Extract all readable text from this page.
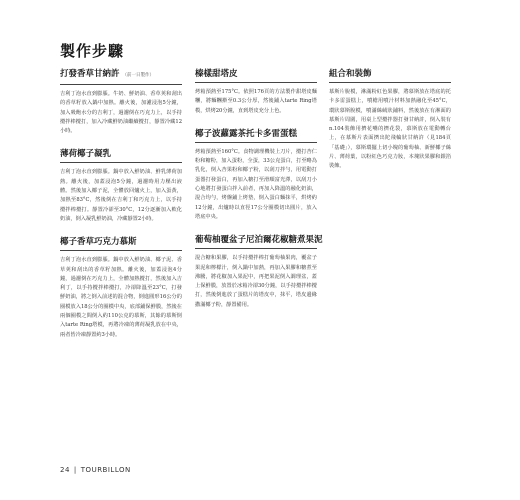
製作步驟
打發香草甘納許 （前一日製作）

吉利丁泡水直到膨脹。牛奶、鮮奶油、香草莢和刮出的香草籽放入鍋中加熱。離火後，加濾浸泡5分鐘，加入吸飽水分的吉利丁，過濾倒在巧克力上，以手持攪拌棒攪打，加入冷藏鮮奶油繼續攪打，靜置冷藏12小時。

薄荷椰子凝乳

吉利丁泡水直到膨脹。鍋中放入鮮奶油、鮮乳薄荷加熱。離火後，加蓋浸泡5分鐘，過濾時用力壓出液體。然後加入椰子泥，全體放回爐火上，加入蛋黃，加熱至83°C，然後倒在吉利丁和巧克力上，以手持攪拌棒攪打。靜置冷卻至30°C，12分逐漸加入軟化奶油，倒入凝乳鮮奶油，冷藏靜置2小時。

椰子香草巧克力慕斯

吉利丁泡水直到膨脹。鍋中放入鮮奶油、椰子泥、香草莢和刮出的香草籽加熱。離火後，加蓋浸泡4分鐘，過濾倒在巧克力上，全體加熱攪打，然後加入吉利丁，以手持攪拌棒攪打，冷卻降溫至23°C，打發鮮奶油，將之倒入前述的混合物，倒進圓形16公分的圈模放入18公分的圈模中央，底部鋪保鮮膜，然後在兩個圈模之間倒入約110公克的慕斯，其餘的慕斯倒入tarte Ring塔模，再將冷凍的薄荷凝乳放在中央，兩者皆冷凍靜置約3小時。

榛樣甜塔皮

烤箱預熱至175°C。依照176頁的方法製作甜塔皮麵糰，將麵糰擀至0.3公分厚，然後鋪入tarte Ring塔模，烘烤20分鐘，直到塔皮充分上色。

椰子波蘿露茶托卡多雷蛋糕

烤箱預熱至160°C。食物調理機裝上刀片，攪打杏仁粉和糖粉，加入蛋粉，全蛋，33公克蛋白，打至略為乳化，倒入杏果粉和椰子粉，以刮刀拌勻，用電動打蛋器打發蛋白，再加入糖打至滑順富光澤，以刮刀小心地將打發蛋白拌入前者，再加入降溫的融化奶油，混合均勻，烤盤鋪上烤墊，倒入蛋白麵抹平，烘烤約12分鐘，出爐時以直徑17公分圈模切出圓片，放入塔底中央。

葡萄柚覆盆子尼泊爾花椒糖煮果泥

混合糖和果膠，以手持攪拌棒打葡萄柚果肉，覆盆子果泥和檸檬汁，倒入鍋中加熱，再加入果膠和糖煮至沸騰，將花椒加入果泥中，再把果泥倒入調理盆，蓋上保鮮膜，放置於冰箱冷卻30分鐘，以手持攪拌棒攪打，然後倒進放了蛋糕片的塔皮中，抹平，塔皮邊緣撒滿椰子粉，靜置備用。

組合和裝飾

慕斯片脫模，淋滿粉紅色果膠，將慕斯放在塔底的托卡多雷蛋糕上，噴槍用噴汁材料加熱融化至45°C，環狀慕斯脫模，噴滿絲絨狀鋪料，然後放在有淋面的慕斯片周圍，用桌上型攪拌器打發甘納許，倒入裝有n.104裝飾用擠花嘴的擠花袋，慕斯放在電動轉台上，在慕斯片表面擠出陀飛輪狀甘納許（見184頁「基礎」），慕斯環擺上切小塊的葡萄柚、新鮮椰子絲片、薄荷葉，以粉紅色巧克力妝，本塊狀果膠和銀箔裝飾。

24 | TOURBILLON
